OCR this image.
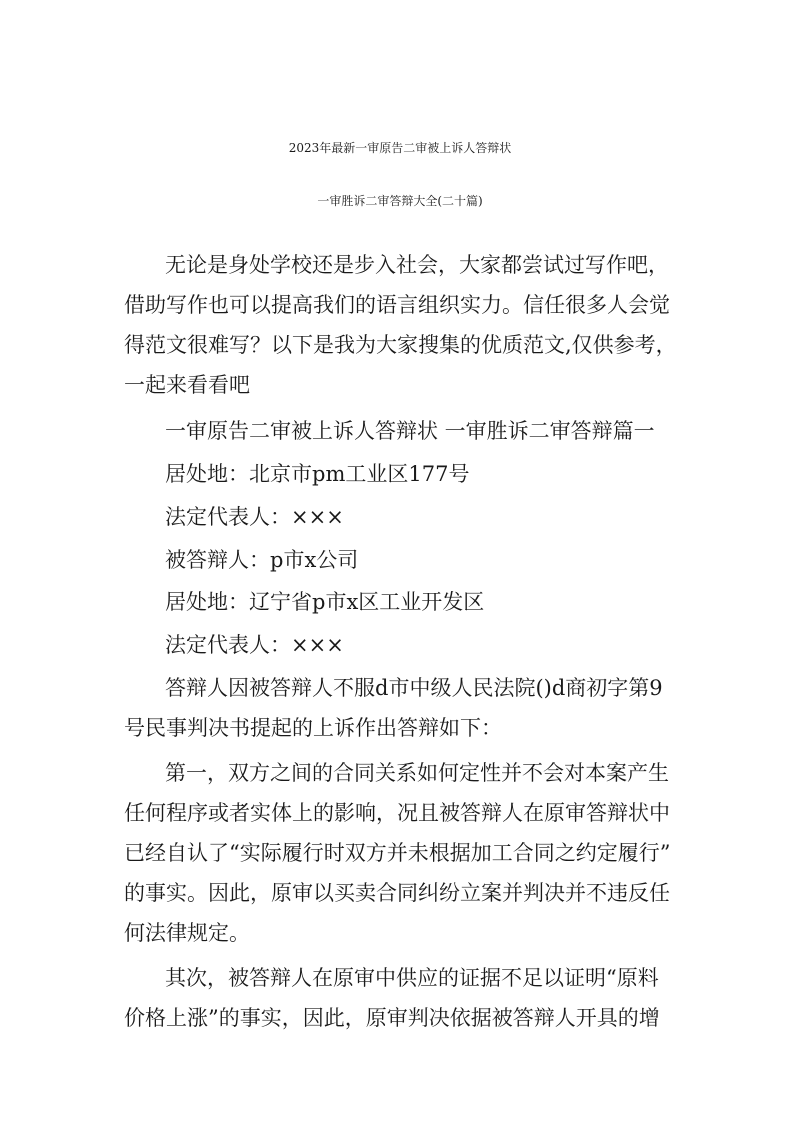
2023年最新一审原告二审被上诉人答辩状
一审胜诉二审答辩大全(二十篇)

无论是身处学校还是步入社会，大家都尝试过写作吧，

借助写作也可以提高我们的语言组织实力。信任很多人会觉

得范文很难写？以下是我为大家搜集的优质范文,仅供参考，

一起来看看吧

一审原告二审被上诉人答辩状 一审胜诉二审答辩篇一

居处地：北京市pm工业区177号

法定代表人：×××

被答辩人：p市x公司

居处地：辽宁省p市x区工业开发区

法定代表人：×××

答辩人因被答辩人不服d市中级人民法院()d商初字第9

号民事判决书提起的上诉作出答辩如下：

第一，双方之间的合同关系如何定性并不会对本案产生

任何程序或者实体上的影响，况且被答辩人在原审答辩状中

已经自认了“实际履行时双方并未根据加工合同之约定履行”

的事实。因此，原审以买卖合同纠纷立案并判决并不违反任

何法律规定。

其次，被答辩人在原审中供应的证据不足以证明“原料

价格上涨”的事实，因此，原审判决依据被答辩人开具的增
